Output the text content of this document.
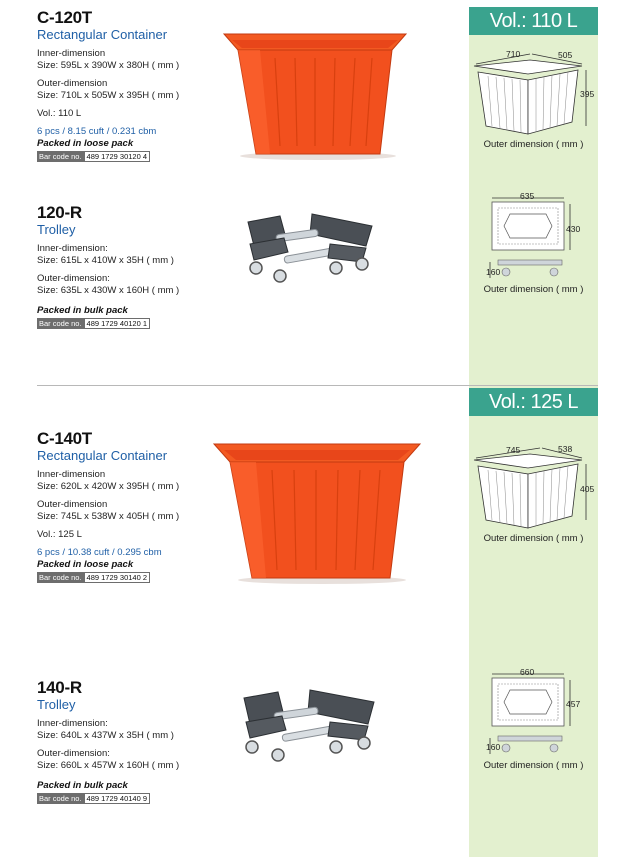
Vol.: 110 L
Vol.: 125 L
C-120T
Rectangular Container
Inner-dimension
Size: 595L x 390W x 380H ( mm )
Outer-dimension
Size: 710L x 505W x 395H ( mm )
Vol.: 110 L
6 pcs / 8.15 cuft / 0.231 cbm
Packed in loose pack
Bar code no. 489 1729 30120 4
710	505
395
Outer dimension ( mm )
120-R
Trolley
Inner-dimension:
Size: 615L x 410W x 35H ( mm )
Outer-dimension:
Size: 635L x 430W x 160H ( mm )
Packed in bulk pack
Bar code no. 489 1729 40120 1
635
430
160
Outer dimension ( mm )
C-140T
Rectangular Container
Inner-dimension
Size: 620L x 420W x 395H ( mm )
Outer-dimension
Size: 745L x 538W x 405H ( mm )
Vol.: 125 L
6 pcs / 10.38 cuft / 0.295 cbm
Packed in loose pack
Bar code no. 489 1729 30140 2
745	538
405
Outer dimension ( mm )
140-R
Trolley
Inner-dimension:
Size: 640L x 437W x 35H ( mm )
Outer-dimension:
Size: 660L x 457W x 160H ( mm )
Packed in bulk pack
Bar code no. 489 1729 40140 9
660
457
160
Outer dimension ( mm )
